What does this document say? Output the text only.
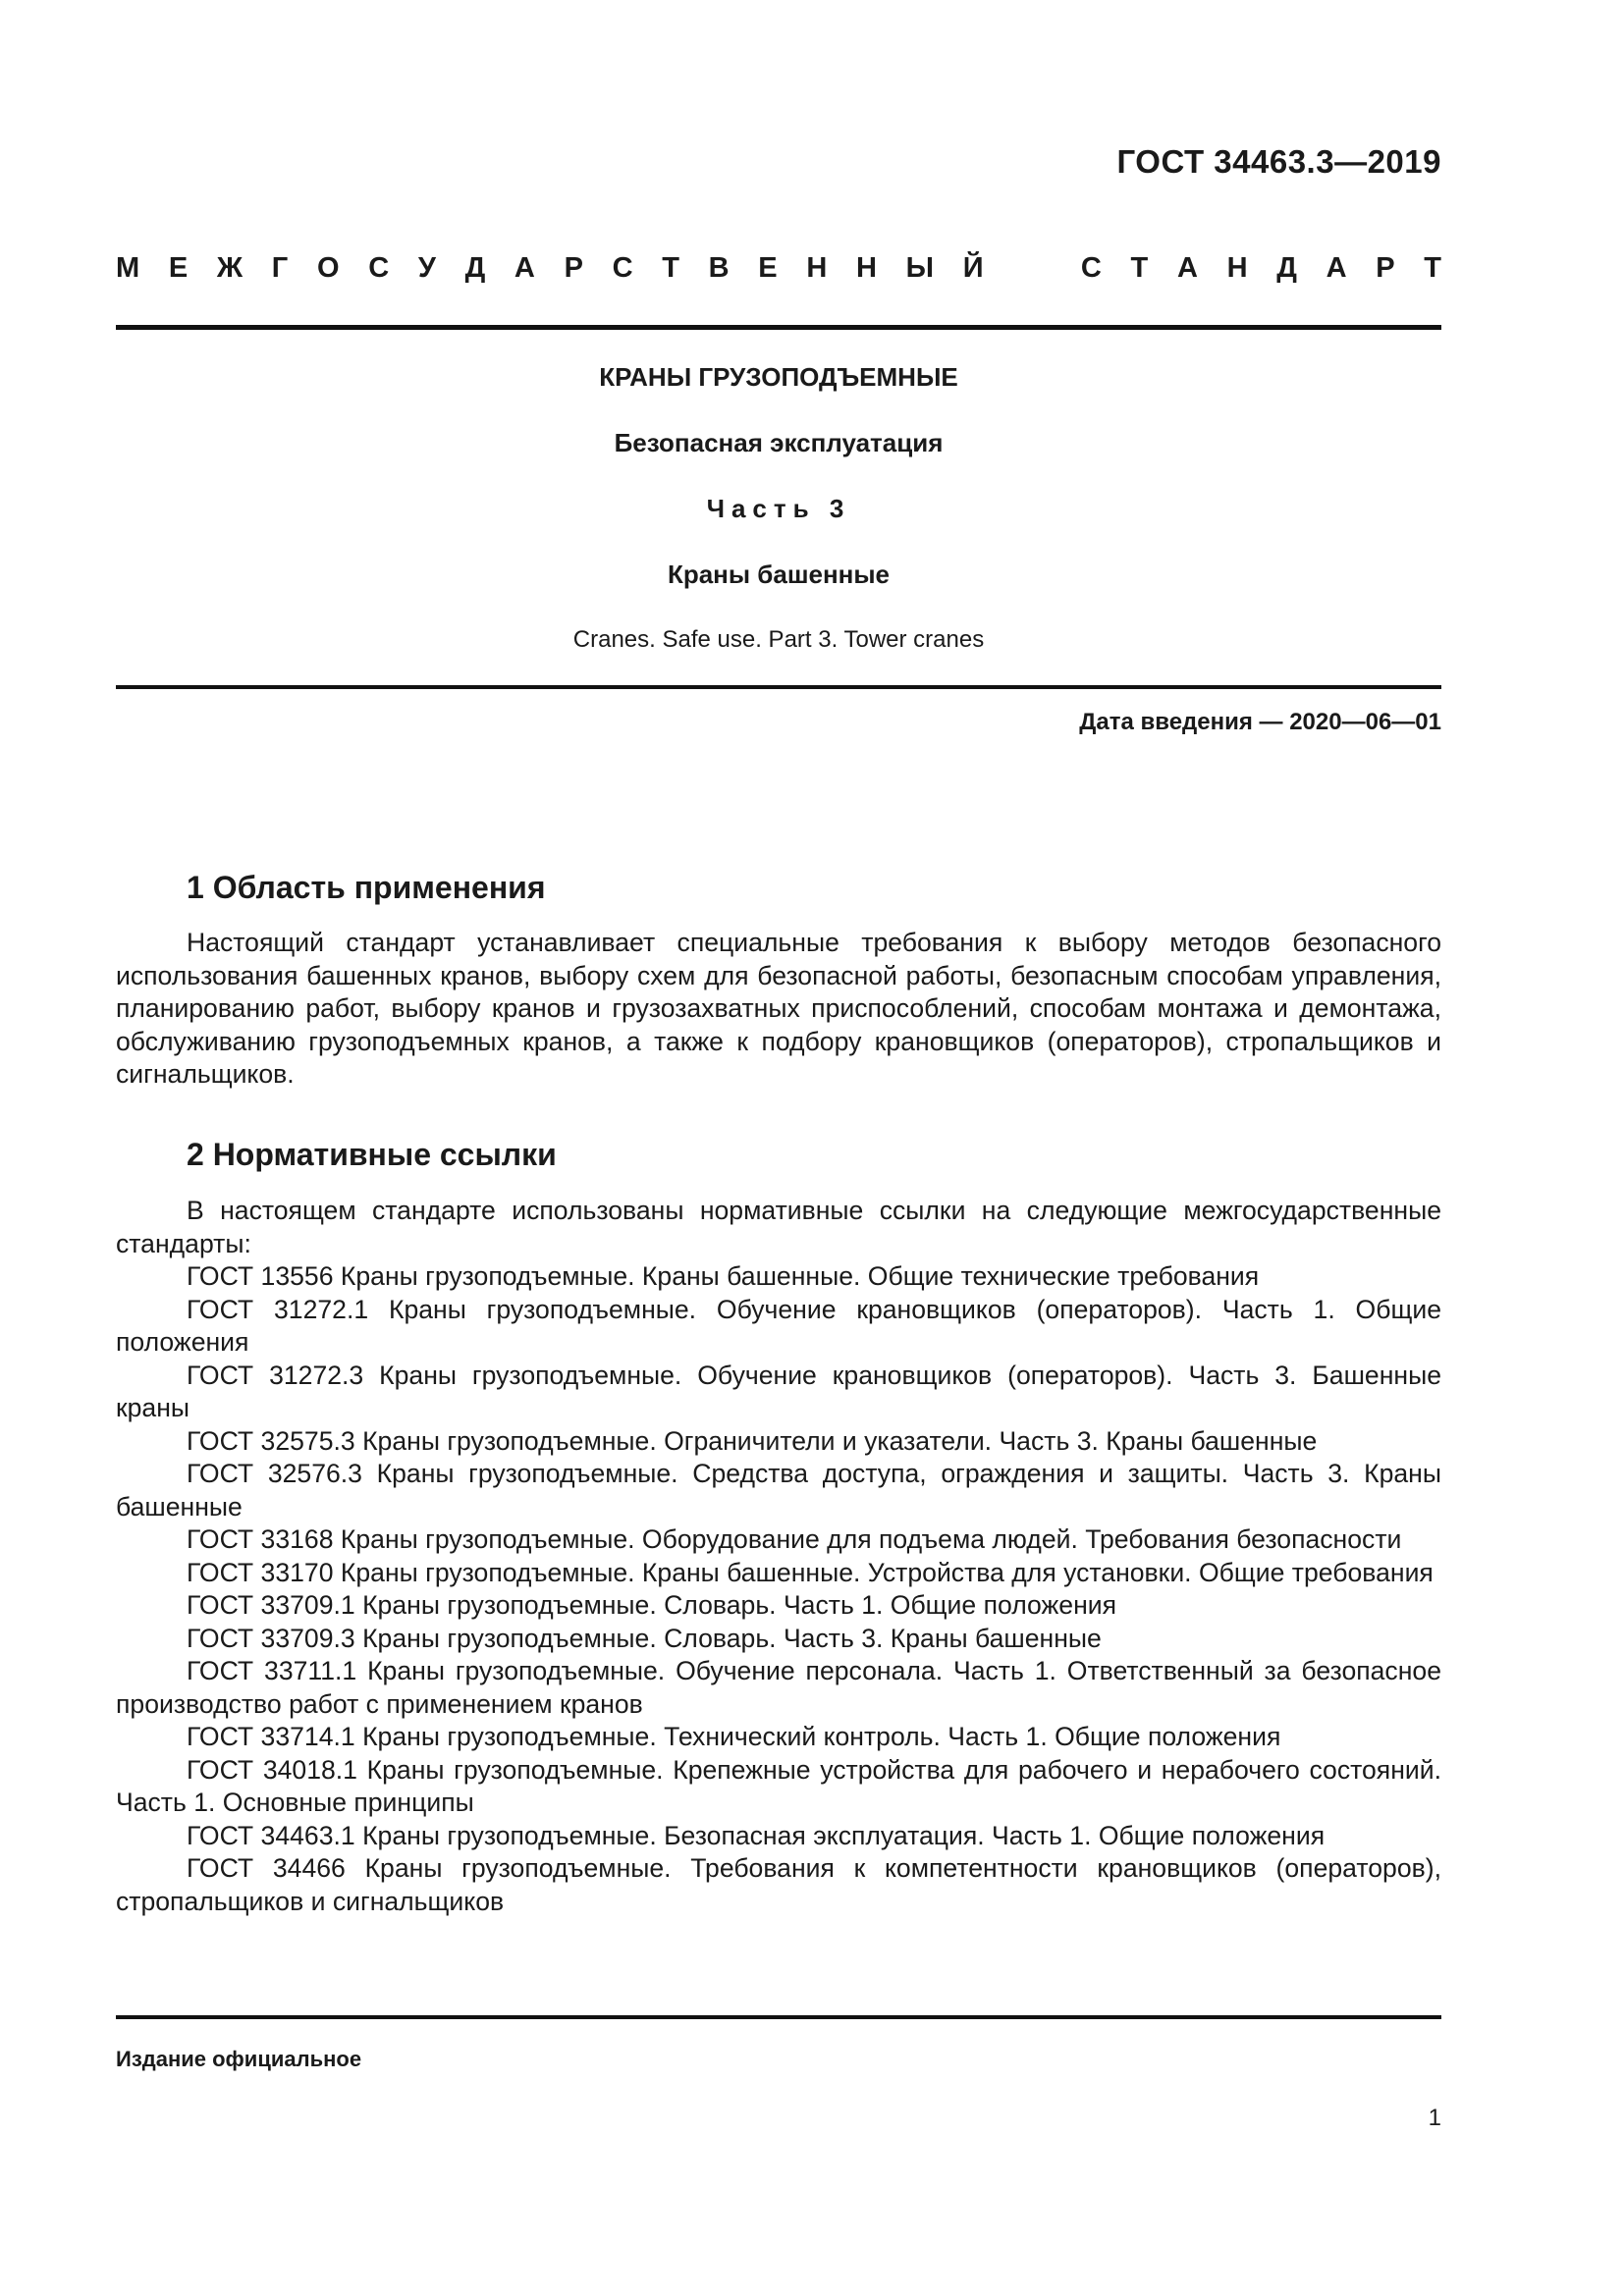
ГОСТ 34463.3—2019
М Е Ж Г О С У Д А Р С Т В Е Н Н Ы Й	С Т А Н Д А Р Т
КРАНЫ ГРУЗОПОДЪЕМНЫЕ
Безопасная эксплуатация
Часть 3
Краны башенные
Cranes. Safe use. Part 3. Tower cranes
Дата введения — 2020—06—01
1 Область применения

Настоящий стандарт устанавливает специальные требования к выбору методов безопасного использования башенных кранов, выбору схем для безопасной работы, безопасным способам управления, планированию работ, выбору кранов и грузозахватных приспособлений, способам монтажа и демонтажа, обслуживанию грузоподъемных кранов, а также к подбору крановщиков (операторов), стропальщиков и сигнальщиков.

2 Нормативные ссылки

В настоящем стандарте использованы нормативные ссылки на следующие межгосударственные стандарты:

ГОСТ 13556 Краны грузоподъемные. Краны башенные. Общие технические требования

ГОСТ 31272.1 Краны грузоподъемные. Обучение крановщиков (операторов). Часть 1. Общие положения

ГОСТ 31272.3 Краны грузоподъемные. Обучение крановщиков (операторов). Часть 3. Башенные краны

ГОСТ 32575.3 Краны грузоподъемные. Ограничители и указатели. Часть 3. Краны башенные

ГОСТ 32576.3 Краны грузоподъемные. Средства доступа, ограждения и защиты. Часть 3. Краны башенные

ГОСТ 33168 Краны грузоподъемные. Оборудование для подъема людей. Требования безопасности

ГОСТ 33170 Краны грузоподъемные. Краны башенные. Устройства для установки. Общие требования

ГОСТ 33709.1 Краны грузоподъемные. Словарь. Часть 1. Общие положения

ГОСТ 33709.3 Краны грузоподъемные. Словарь. Часть 3. Краны башенные

ГОСТ 33711.1 Краны грузоподъемные. Обучение персонала. Часть 1. Ответственный за безопасное производство работ с применением кранов

ГОСТ 33714.1 Краны грузоподъемные. Технический контроль. Часть 1. Общие положения

ГОСТ 34018.1 Краны грузоподъемные. Крепежные устройства для рабочего и нерабочего состояний. Часть 1. Основные принципы

ГОСТ 34463.1 Краны грузоподъемные. Безопасная эксплуатация. Часть 1. Общие положения

ГОСТ 34466 Краны грузоподъемные. Требования к компетентности крановщиков (операторов), стропальщиков и сигнальщиков

Издание официальное
1
